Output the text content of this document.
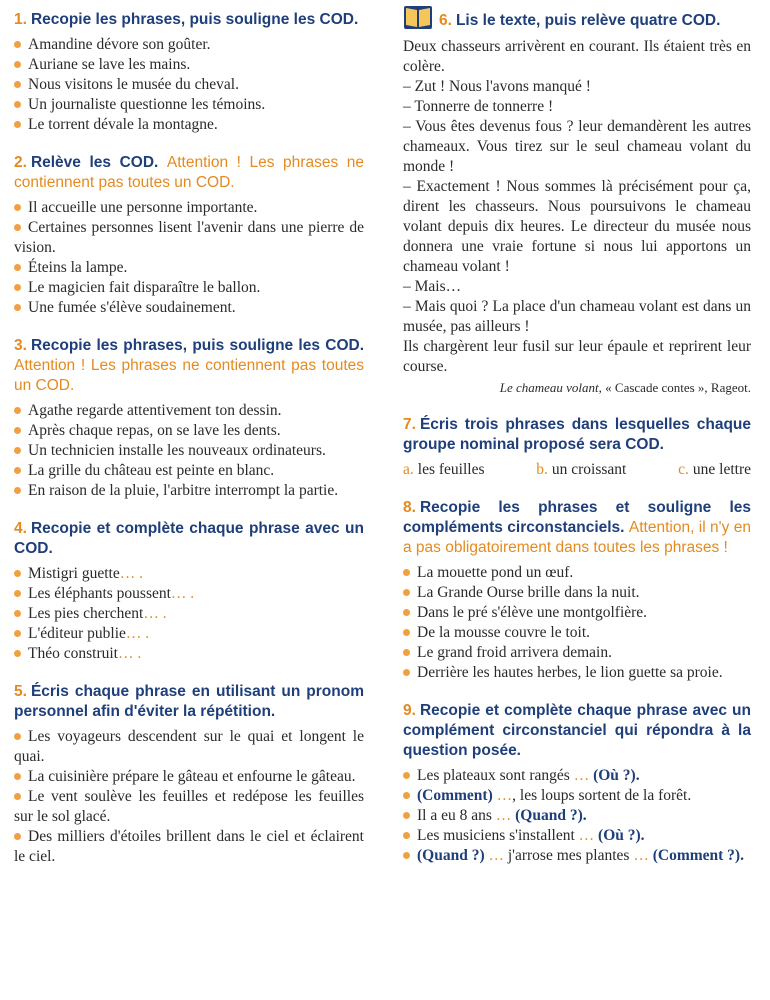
1. Recopie les phrases, puis souligne les COD.
Amandine dévore son goûter.
Auriane se lave les mains.
Nous visitons le musée du cheval.
Un journaliste questionne les témoins.
Le torrent dévale la montagne.
2. Relève les COD. Attention ! Les phrases ne contiennent pas toutes un COD.
Il accueille une personne importante.
Certaines personnes lisent l'avenir dans une pierre de vision.
Éteins la lampe.
Le magicien fait disparaître le ballon.
Une fumée s'élève soudainement.
3. Recopie les phrases, puis souligne les COD. Attention ! Les phrases ne contiennent pas toutes un COD.
Agathe regarde attentivement ton dessin.
Après chaque repas, on se lave les dents.
Un technicien installe les nouveaux ordinateurs.
La grille du château est peinte en blanc.
En raison de la pluie, l'arbitre interrompt la partie.
4. Recopie et complète chaque phrase avec un COD.
Mistigri guette… .
Les éléphants poussent… .
Les pies cherchent… .
L'éditeur publie… .
Théo construit… .
5. Écris chaque phrase en utilisant un pronom personnel afin d'éviter la répétition.
Les voyageurs descendent sur le quai et longent le quai.
La cuisinière prépare le gâteau et enfourne le gâteau.
Le vent soulève les feuilles et redépose les feuilles sur le sol glacé.
Des milliers d'étoiles brillent dans le ciel et éclairent le ciel.
6. Lis le texte, puis relève quatre COD.

Deux chasseurs arrivèrent en courant. Ils étaient très en colère.

– Zut ! Nous l'avons manqué !

– Tonnerre de tonnerre !

– Vous êtes devenus fous ? leur demandèrent les autres chameaux. Vous tirez sur le seul chameau volant du monde !

– Exactement ! Nous sommes là précisément pour ça, dirent les chasseurs. Nous poursuivons le chameau volant depuis dix heures. Le directeur du musée nous donnera une vraie fortune si nous lui apportons un chameau volant !

– Mais…

– Mais quoi ? La place d'un chameau volant est dans un musée, pas ailleurs !

Ils chargèrent leur fusil sur leur épaule et reprirent leur course.

Le chameau volant, « Cascade contes », Rageot.
7. Écris trois phrases dans lesquelles chaque groupe nominal proposé sera COD.
a. les feuilles	b. un croissant	c. une lettre
8. Recopie les phrases et souligne les compléments circonstanciels. Attention, il n'y en a pas obligatoirement dans toutes les phrases !
La mouette pond un œuf.
La Grande Ourse brille dans la nuit.
Dans le pré s'élève une montgolfière.
De la mousse couvre le toit.
Le grand froid arrivera demain.
Derrière les hautes herbes, le lion guette sa proie.
9. Recopie et complète chaque phrase avec un complément circonstanciel qui répondra à la question posée.
Les plateaux sont rangés … (Où ?).
(Comment) …, les loups sortent de la forêt.
Il a eu 8 ans … (Quand ?).
Les musiciens s'installent … (Où ?).
(Quand ?) … j'arrose mes plantes … (Comment ?).
